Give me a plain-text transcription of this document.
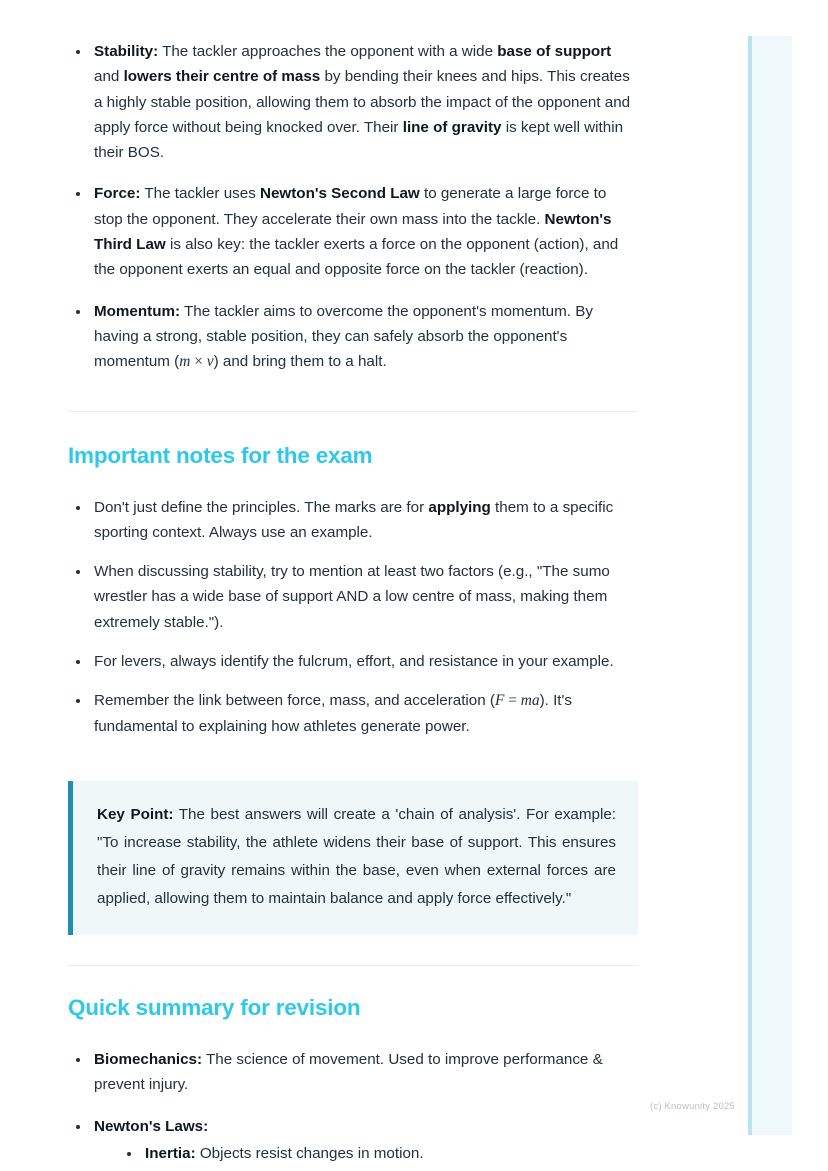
(c) Knowunity 2025
Stability: The tackler approaches the opponent with a wide base of support and lowers their centre of mass by bending their knees and hips. This creates a highly stable position, allowing them to absorb the impact of the opponent and apply force without being knocked over. Their line of gravity is kept well within their BOS.
Force: The tackler uses Newton's Second Law to generate a large force to stop the opponent. They accelerate their own mass into the tackle. Newton's Third Law is also key: the tackler exerts a force on the opponent (action), and the opponent exerts an equal and opposite force on the tackler (reaction).
Momentum: The tackler aims to overcome the opponent's momentum. By having a strong, stable position, they can safely absorb the opponent's momentum (m × v) and bring them to a halt.
Important notes for the exam
Don't just define the principles. The marks are for applying them to a specific sporting context. Always use an example.
When discussing stability, try to mention at least two factors (e.g., "The sumo wrestler has a wide base of support AND a low centre of mass, making them extremely stable.").
For levers, always identify the fulcrum, effort, and resistance in your example.
Remember the link between force, mass, and acceleration (F = ma). It's fundamental to explaining how athletes generate power.

Key Point: The best answers will create a 'chain of analysis'. For example: "To increase stability, the athlete widens their base of support. This ensures their line of gravity remains within the base, even when external forces are applied, allowing them to maintain balance and apply force effectively."

Quick summary for revision
Biomechanics: The science of movement. Used to improve performance & prevent injury.
Newton's Laws:
Inertia: Objects resist changes in motion.
